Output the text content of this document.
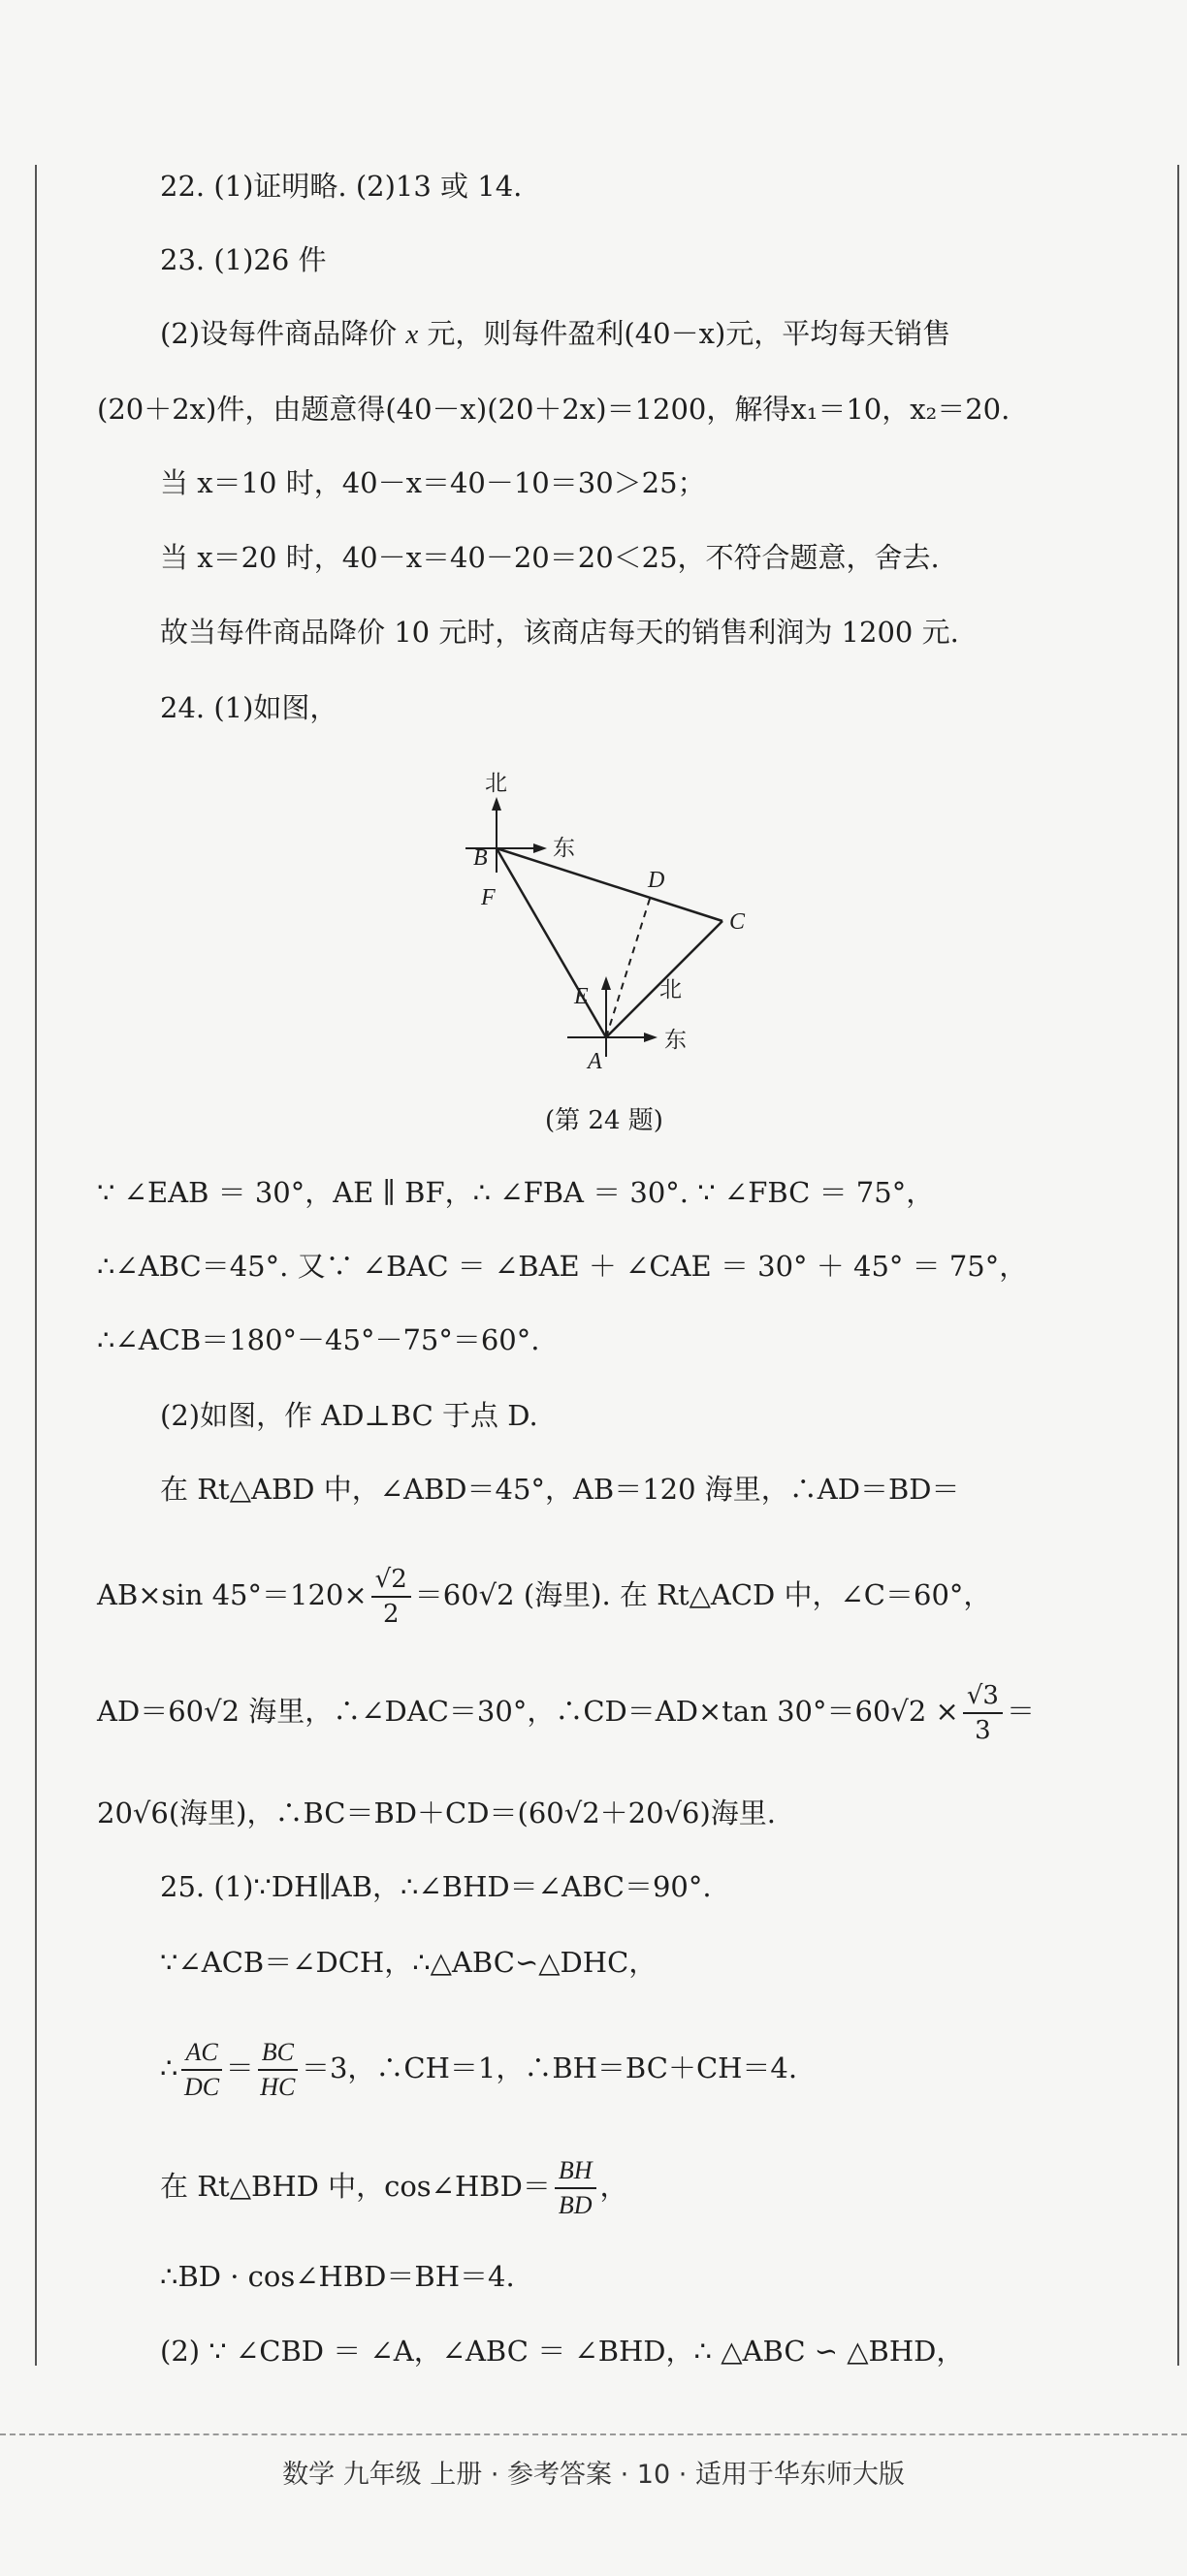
22. (1)证明略. (2)13 或 14.
23. (1)26 件
(2)设每件商品降价 x 元，则每件盈利(40－x)元，平均每天销售
(20＋2x)件，由题意得(40－x)(20＋2x)＝1200，解得x₁＝10，x₂＝20.
当 x＝10 时，40－x＝40－10＝30＞25；
当 x＝20 时，40－x＝40－20＝20＜25，不符合题意，舍去.
故当每件商品降价 10 元时，该商店每天的销售利润为 1200 元.
24. (1)如图，
∵ ∠EAB ＝ 30°，AE ∥ BF，∴ ∠FBA ＝ 30°. ∵ ∠FBC ＝ 75°，
∴∠ABC＝45°. 又∵ ∠BAC ＝ ∠BAE ＋ ∠CAE ＝ 30° ＋ 45° ＝ 75°，
∴∠ACB＝180°－45°－75°＝60°.
(2)如图，作 AD⊥BC 于点 D.
在 Rt△ABD 中，∠ABD＝45°，AB＝120 海里，∴AD＝BD＝
AB×sin $45^\circ=120\times \frac{√2}{2} =60√2$ (海里). 在 Rt△ACD 中，∠C＝60°，
AD＝60√2 海里，∴∠DAC＝30°，∴CD＝AD×tan $30^\circ=60√2 \times \frac{√3}{3}$ ＝
20√6(海里)，∴BC＝BD＋CD＝(60√2＋20√6)海里.
25. (1)∵DH∥AB，∴∠BHD＝∠ABC＝90°.
∵∠ACB＝∠DCH，∴△ABC∽△DHC，
∴ $\frac{AC}{DC} = \frac{BC}{HC} =3$，∴CH＝1，∴BH＝BC＋CH＝4.
在 Rt△BHD 中，cos∠HBD＝ $\frac{BH}{BD}$ ，
∴BD · cos∠HBD＝BH＝4.
(2) ∵ ∠CBD ＝ ∠A，∠ABC ＝ ∠BHD，∴ △ABC ∽ △BHD，
北
东
北
东
B
F
D
C
E
A
(第 24 题)
数学 九年级 上册 · 参考答案 · 10 · 适用于华东师大版
